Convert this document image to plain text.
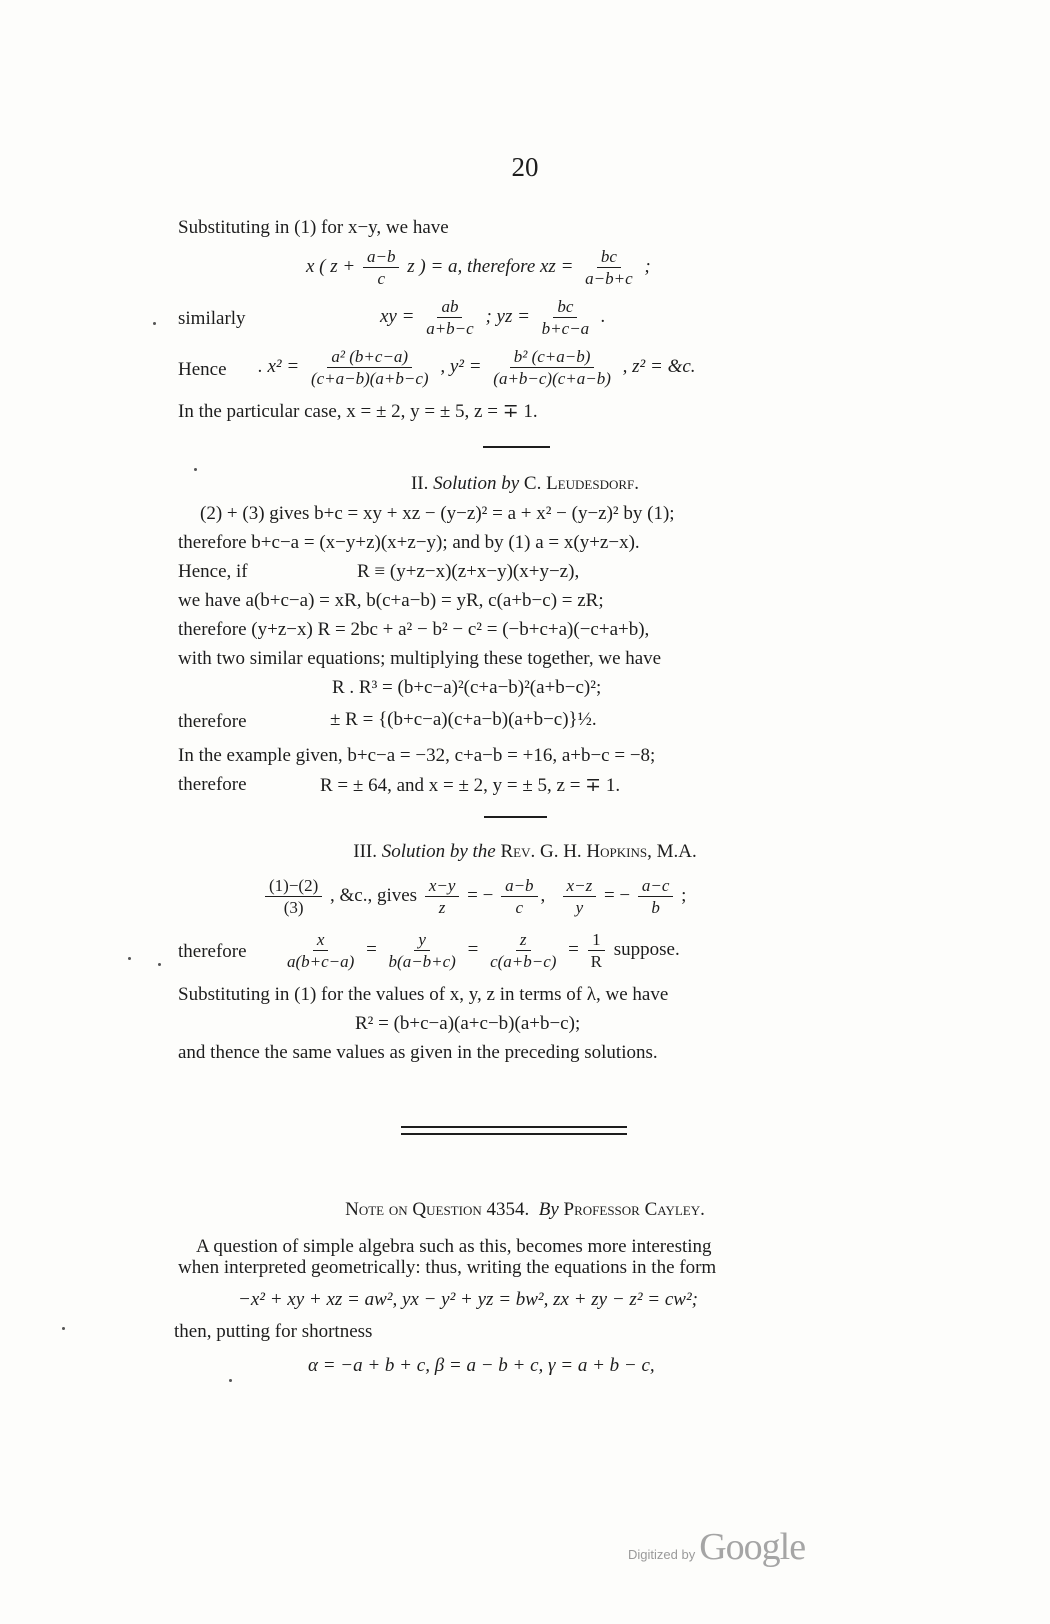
20
Substituting in (1) for x−y, we have
x ( $z + \frac{a-b}{c}$ z ) = a, therefore xz = $\frac{bc}{a-b+c}$ ;
similarly	xy = $\frac{ab}{a+b-c}$ ; yz = $\frac{bc}{b+c-a}$ .
Hence . $x^2 = \frac{\text{a² (b+c−a)}}{(c+a-b)(a+b-c)}$ , $y^2 = \frac{\text{b² (c+a−b)}}{(a+b-c)(c+a-b)}$ , z² = &c.
In the particular case, x = ± 2, y = ± 5, z = ∓ 1.
II. Solution by C. Leudesdorf.
(2) + (3) gives b+c = xy + xz − (y−z)² = a + x² − (y−z)² by (1);
therefore b+c−a = (x−y+z)(x+z−y); and by (1) a = x(y+z−x).
Hence, if	R ≡ (y+z−x)(z+x−y)(x+y−z),
we have a(b+c−a) = xR, b(c+a−b) = yR, c(a+b−c) = zR;
therefore (y+z−x) R = 2bc + a² − b² − c² = (−b+c+a)(−c+a+b),
with two similar equations; multiplying these together, we have
R . R³ = (b+c−a)²(c+a−b)²(a+b−c)²;
therefore	± R = {(b+c−a)(c+a−b)(a+b−c)}½.
In the example given, b+c−a = −32, c+a−b = +16, a+b−c = −8;
therefore	R = ± 64, and x = ± 2, y = ± 5, z = ∓ 1.
III. Solution by the Rev. G. H. Hopkins, M.A.
$\frac{(1)-(2)}{(3)}$ , &c., gives $\frac{x-y}{z}$ = − $\frac{a-b}{c}$ , $\frac{x-z}{y}$ = − $\frac{a-c}{b}$ ;
therefore $\frac{x}{a(b+c-a)} = \frac{y}{b(a-b+c)} = \frac{z}{c(a+b-c)} = \frac{1}{R}$ suppose.
Substituting in (1) for the values of x, y, z in terms of λ, we have
R² = (b+c−a)(a+c−b)(a+b−c);
and thence the same values as given in the preceding solutions.
Note on Question 4354. By Professor Cayley.
A question of simple algebra such as this, becomes more interesting
when interpreted geometrically: thus, writing the equations in the form
−x² + xy + xz = aw², yx − y² + yz = bw², zx + zy − z² = cw²;
then, putting for shortness
α = −a + b + c, β = a − b + c, γ = a + b − c,
Digitized by Google
